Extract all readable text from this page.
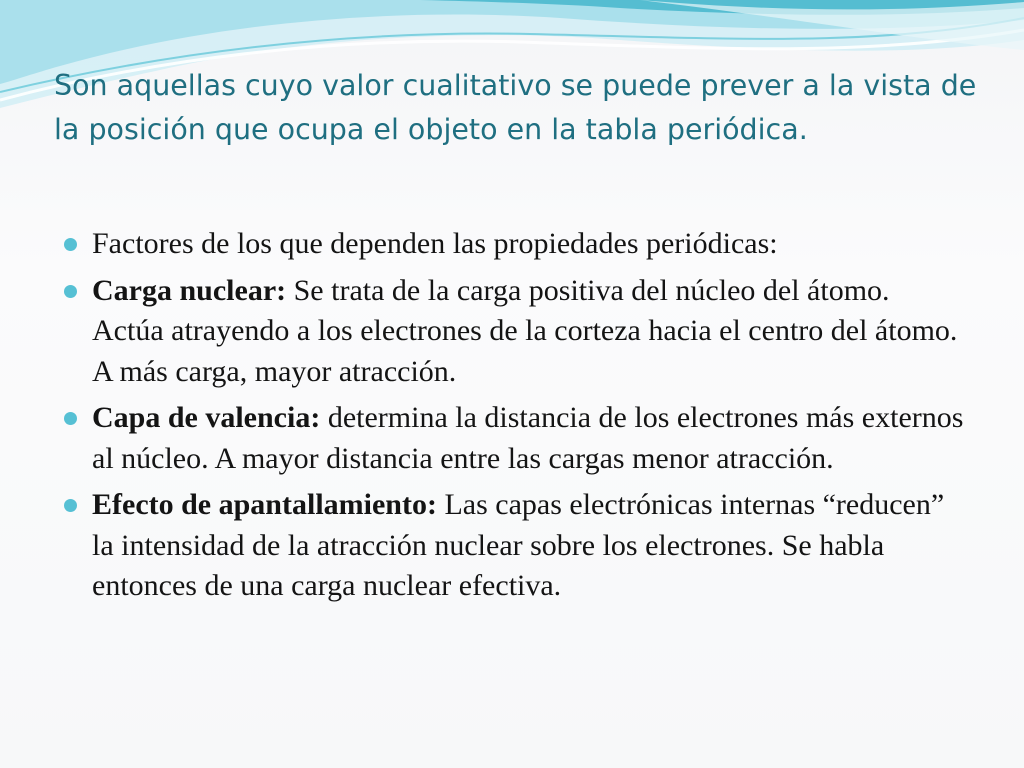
Son aquellas cuyo valor cualitativo se puede prever a la vista de la posición que ocupa el objeto en la tabla periódica.
Factores de los que dependen las propiedades periódicas:
Carga nuclear: Se trata de la carga positiva del núcleo del átomo. Actúa atrayendo a los electrones de la corteza hacia el centro del átomo. A más carga, mayor atracción.
Capa de valencia: determina la distancia de los electrones más externos al núcleo. A mayor distancia entre las cargas menor atracción.
Efecto de apantallamiento: Las capas electrónicas internas “reducen” la intensidad de la atracción nuclear sobre los electrones. Se habla entonces de una carga nuclear efectiva.
